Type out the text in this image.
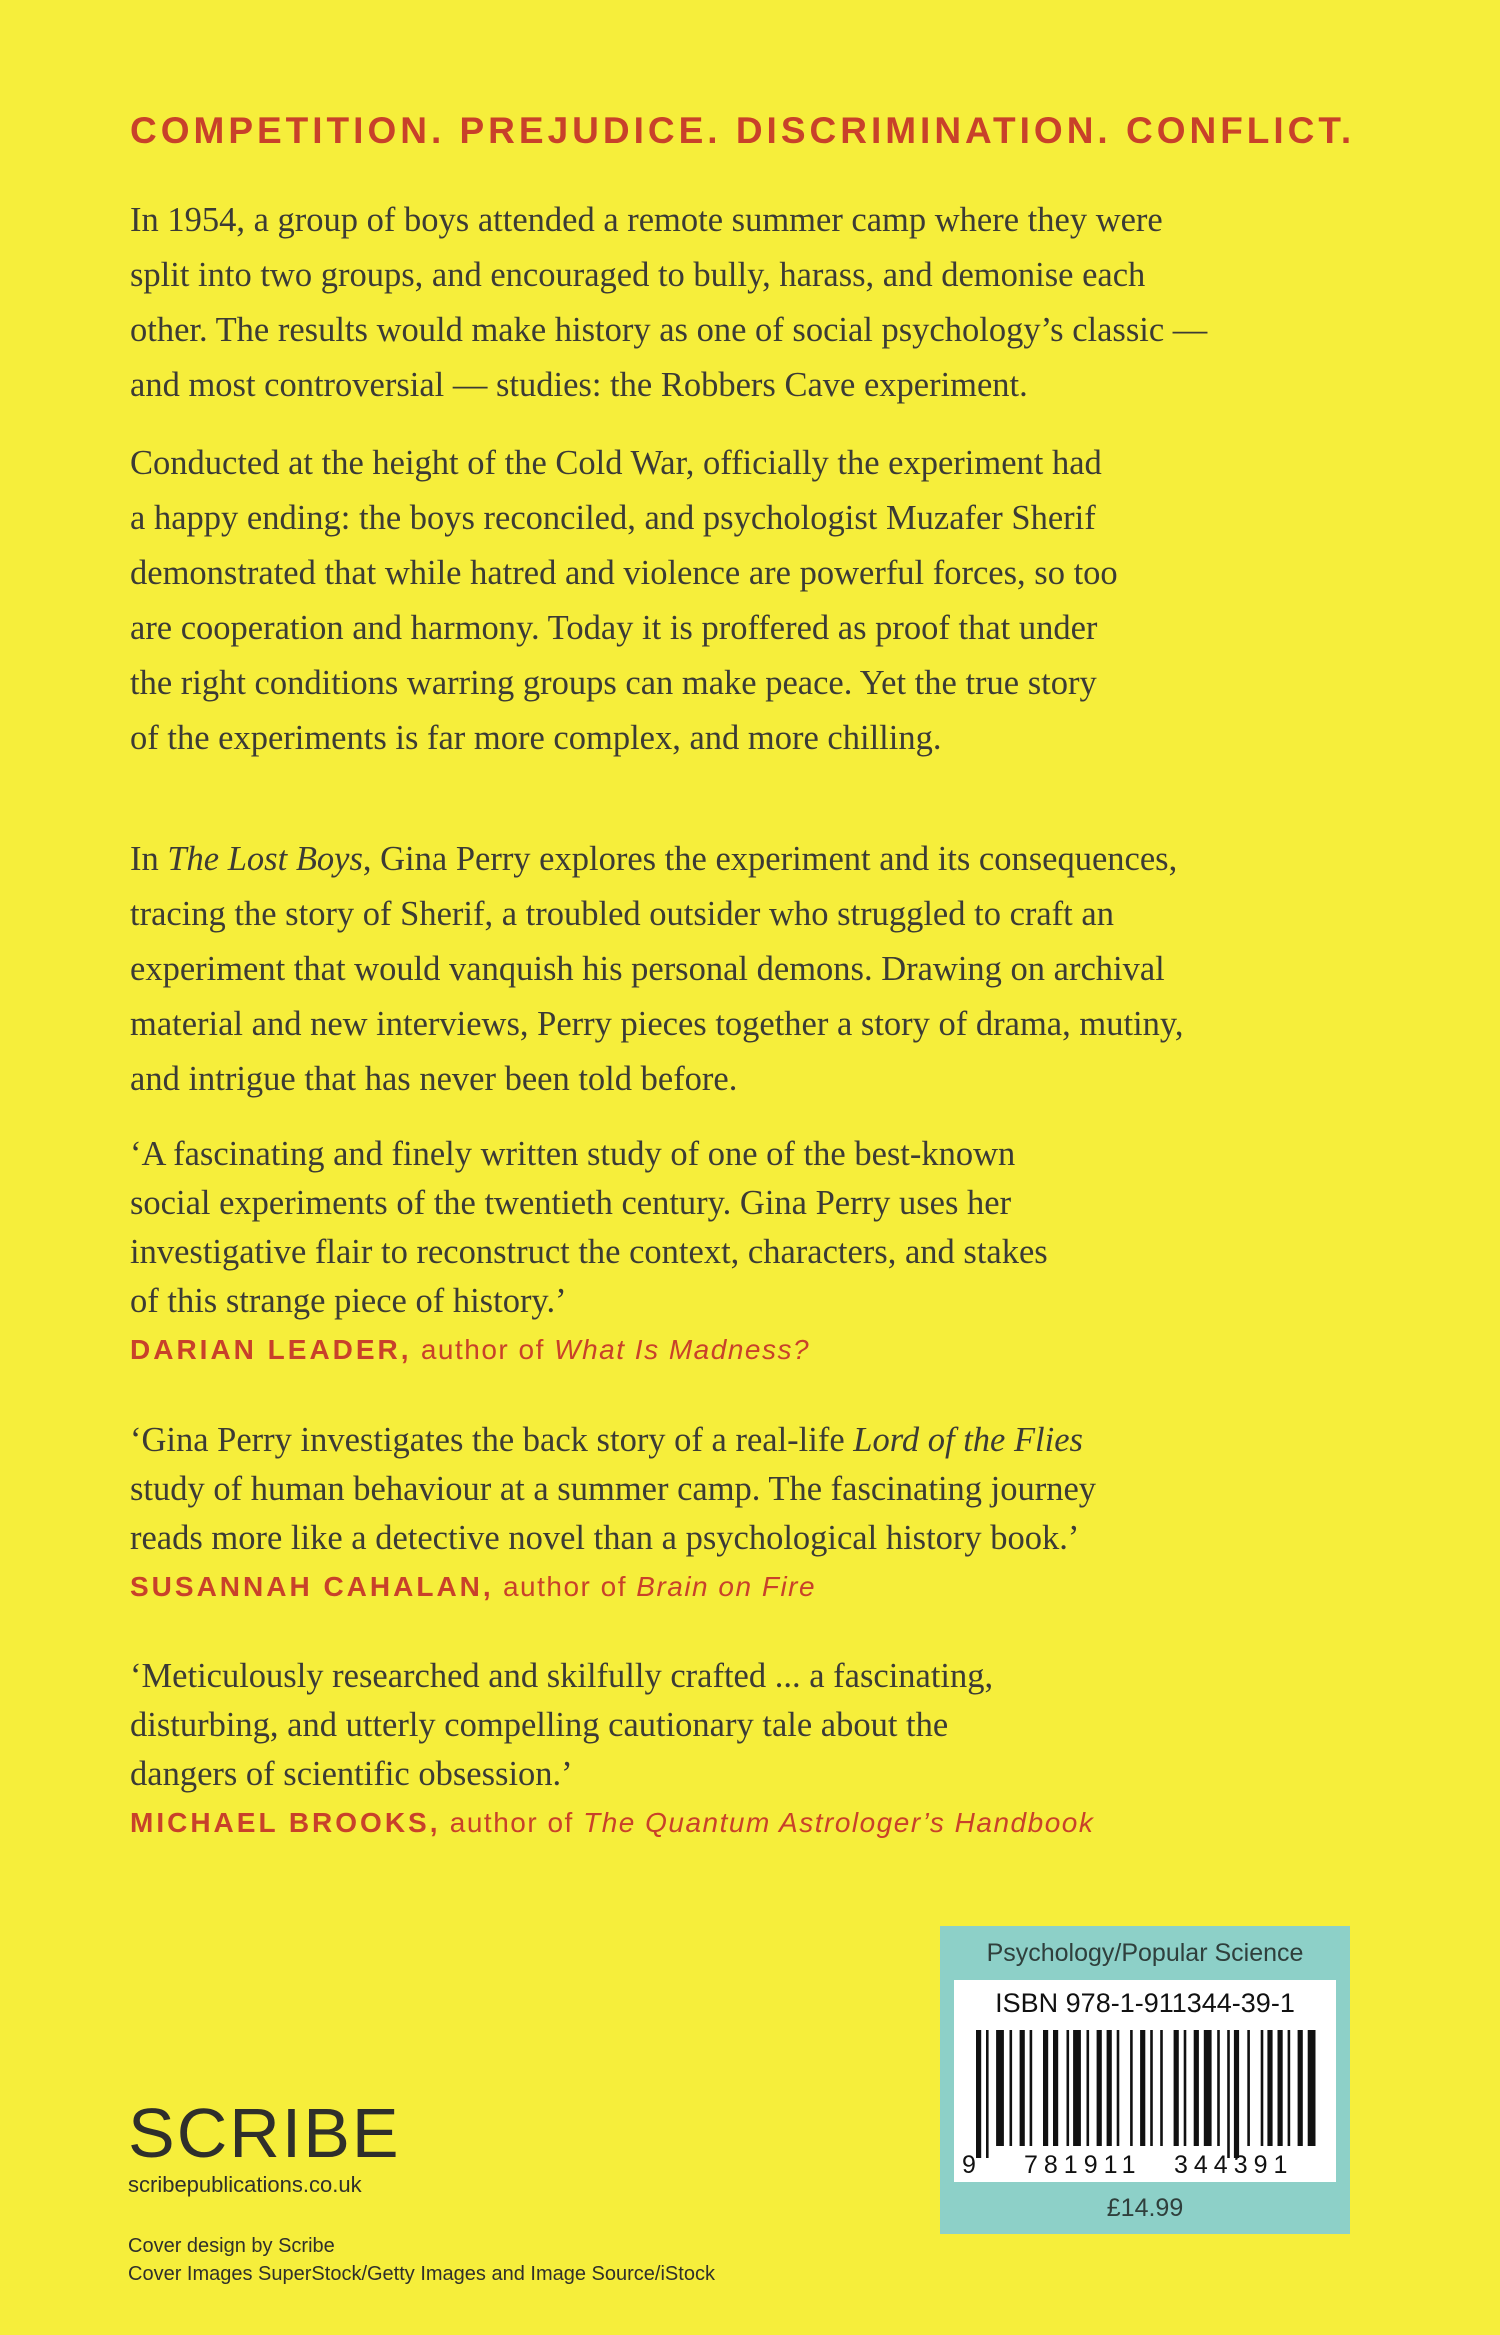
COMPETITION. PREJUDICE. DISCRIMINATION. CONFLICT.

In 1954, a group of boys attended a remote summer camp where they were

split into two groups, and encouraged to bully, harass, and demonise each

other. The results would make history as one of social psychology’s classic —

and most controversial — studies: the Robbers Cave experiment.

Conducted at the height of the Cold War, officially the experiment had

a happy ending: the boys reconciled, and psychologist Muzafer Sherif

demonstrated that while hatred and violence are powerful forces, so too

are cooperation and harmony. Today it is proffered as proof that under

the right conditions warring groups can make peace. Yet the true story

of the experiments is far more complex, and more chilling.

In The Lost Boys, Gina Perry explores the experiment and its consequences,

tracing the story of Sherif, a troubled outsider who struggled to craft an

experiment that would vanquish his personal demons. Drawing on archival

material and new interviews, Perry pieces together a story of drama, mutiny,

and intrigue that has never been told before.

‘A fascinating and finely written study of one of the best-known

social experiments of the twentieth century. Gina Perry uses her

investigative flair to reconstruct the context, characters, and stakes

of this strange piece of history.’

DARIAN LEADER, author of What Is Madness?

‘Gina Perry investigates the back story of a real-life Lord of the Flies

study of human behaviour at a summer camp. The fascinating journey

reads more like a detective novel than a psychological history book.’

SUSANNAH CAHALAN, author of Brain on Fire

‘Meticulously researched and skilfully crafted ... a fascinating,

disturbing, and utterly compelling cautionary tale about the

dangers of scientific obsession.’

MICHAEL BROOKS, author of The Quantum Astrologer’s Handbook
SCRIBE
scribepublications.co.uk
Cover design by Scribe
Cover Images SuperStock/Getty Images and Image Source/iStock
Psychology/Popular Science
ISBN 978-1-911344-39-1
9 781911 344391
£14.99
